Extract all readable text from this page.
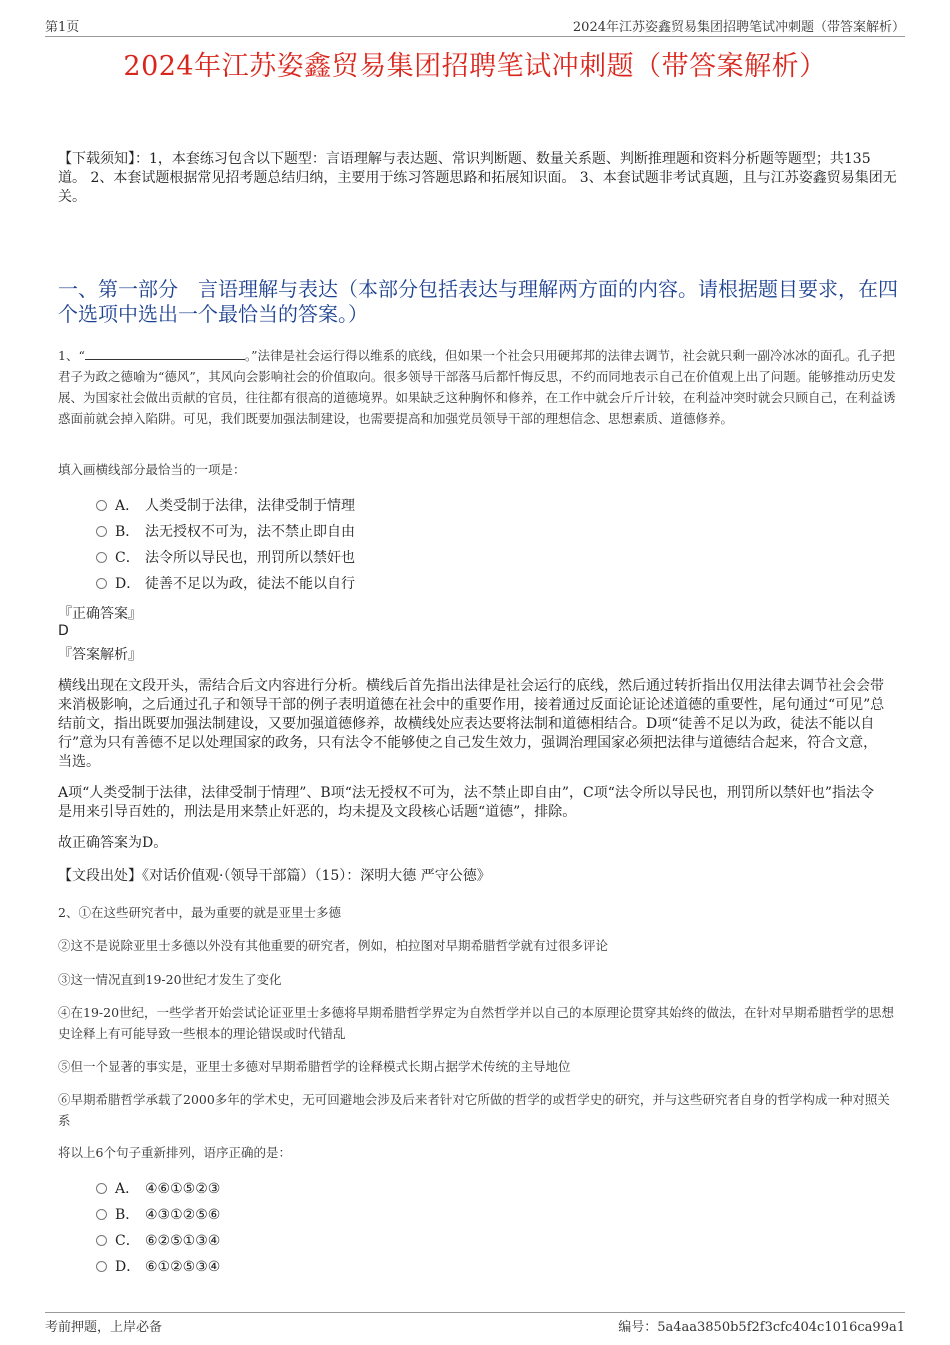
第1页	2024年江苏姿鑫贸易集团招聘笔试冲刺题（带答案解析）
2024年江苏姿鑫贸易集团招聘笔试冲刺题（带答案解析）
【下载须知】：1，本套练习包含以下题型：言语理解与表达题、常识判断题、数量关系题、判断推理题和资料分析题等题型；共135道。 2、本套试题根据常见招考题总结归纳，主要用于练习答题思路和拓展知识面。 3、本套试题非考试真题，且与江苏姿鑫贸易集团无关。
一、第一部分　言语理解与表达（本部分包括表达与理解两方面的内容。请根据题目要求，在四个选项中选出一个最恰当的答案。）
1、“	。”法律是社会运行得以维系的底线，但如果一个社会只用硬邦邦的法律去调节，社会就只剩一副冷冰冰的面孔。孔子把君子为政之德喻为“德风”，其风向会影响社会的价值取向。很多领导干部落马后都忏悔反思，不约而同地表示自己在价值观上出了问题。能够推动历史发展、为国家社会做出贡献的官员，往往都有很高的道德境界。如果缺乏这种胸怀和修养，在工作中就会斤斤计较，在利益冲突时就会只顾自己，在利益诱惑面前就会掉入陷阱。可见，我们既要加强法制建设，也需要提高和加强党员领导干部的理想信念、思想素质、道德修养。
填入画横线部分最恰当的一项是：
A． 人类受制于法律，法律受制于情理
B． 法无授权不可为，法不禁止即自由
C． 法令所以导民也，刑罚所以禁奸也
D． 徒善不足以为政，徒法不能以自行
『正确答案』
D
『答案解析』
横线出现在文段开头，需结合后文内容进行分析。横线后首先指出法律是社会运行的底线，然后通过转折指出仅用法律去调节社会会带来消极影响，之后通过孔子和领导干部的例子表明道德在社会中的重要作用，接着通过反面论证论述道德的重要性，尾句通过“可见”总结前文，指出既要加强法制建设，又要加强道德修养，故横线处应表达要将法制和道德相结合。D项“徒善不足以为政，徒法不能以自行”意为只有善德不足以处理国家的政务，只有法令不能够使之自己发生效力，强调治理国家必须把法律与道德结合起来，符合文意，当选。
A项“人类受制于法律，法律受制于情理”、B项“法无授权不可为，法不禁止即自由”，C项“法令所以导民也，刑罚所以禁奸也”指法令是用来引导百姓的，刑法是用来禁止奸恶的，均未提及文段核心话题“道德”，排除。
故正确答案为D。
【文段出处】《对话价值观·（领导干部篇）（15）：深明大德 严守公德》
2、①在这些研究者中，最为重要的就是亚里士多德
②这不是说除亚里士多德以外没有其他重要的研究者，例如，柏拉图对早期希腊哲学就有过很多评论
③这一情况直到19-20世纪才发生了变化
④在19-20世纪，一些学者开始尝试论证亚里士多德将早期希腊哲学界定为自然哲学并以自己的本原理论贯穿其始终的做法，在针对早期希腊哲学的思想史诠释上有可能导致一些根本的理论错误或时代错乱
⑤但一个显著的事实是，亚里士多德对早期希腊哲学的诠释模式长期占据学术传统的主导地位
⑥早期希腊哲学承载了2000多年的学术史，无可回避地会涉及后来者针对它所做的哲学的或哲学史的研究，并与这些研究者自身的哲学构成一种对照关系
将以上6个句子重新排列，语序正确的是：
A． ④⑥①⑤②③
B． ④③①②⑤⑥
C． ⑥②⑤①③④
D． ⑥①②⑤③④
考前押题，上岸必备	编号：5a4aa3850b5f2f3cfc404c1016ca99a1
